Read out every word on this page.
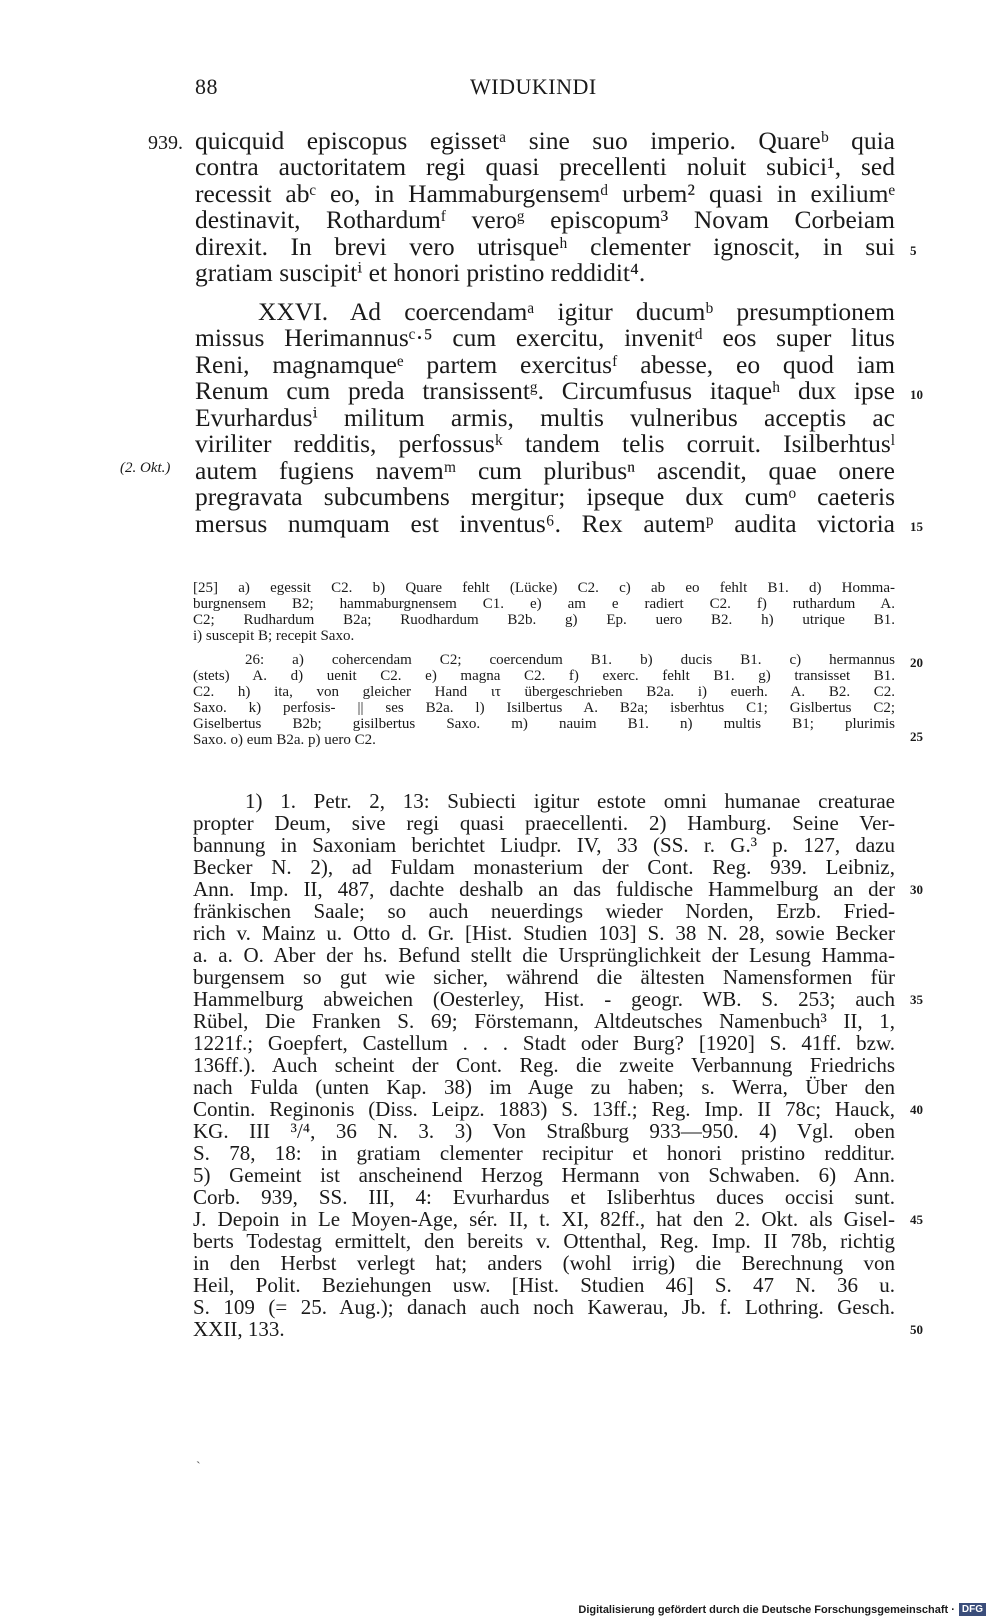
88	WIDUKINDI
939. quicquid episcopus egissetᵃ sine suo imperio. Quareᵇ quia
contra auctoritatem regi quasi precellenti noluit subici¹, sed
recessit abᶜ eo, in Hammaburgensemᵈ urbem² quasi in exiliumᵉ
destinavit, Rothardumᶠ veroᵍ episcopum³ Novam Corbeiam
direxit. In brevi vero utrisqueʰ clementer ignoscit, in sui
gratiam suscipitⁱ et honori pristino reddidit⁴.
XXVI. Ad coercendamᵃ igitur ducumᵇ presumptionem
missus Herimannusᶜ·⁵ cum exercitu, invenitᵈ eos super litus
Reni, magnamqueᵉ partem exercitusᶠ abesse, eo quod iam
Renum cum preda transissentᵍ. Circumfusus itaqueʰ dux ipse
Evurhardusⁱ militum armis, multis vulneribus acceptis ac
viriliter redditis, perfossusᵏ tandem telis corruit. Isilberhtusˡ
autem fugiens navemᵐ cum pluribusⁿ ascendit, quae onere
pregravata subcumbens mergitur; ipseque dux cumᵒ caeteris
mersus numquam est inventus⁶. Rex autemᵖ audita victoria
(2. Okt.)
[25] a) egessit C2. b) Quare fehlt (Lücke) C2. c) ab eo fehlt B1. d) Homma-
burgnensem B2; hammaburgnensem C1. e) am e radiert C2. f) ruthardum A.
C2; Rudhardum B2a; Ruodhardum B2b. g) Ep. uero B2. h) utrique B1.
i) suscepit B; recepit Saxo.
26: a) cohercendam C2; coercendum B1. b) ducis B1. c) hermannus
(stets) A. d) uenit C2. e) magna C2. f) exerc. fehlt B1. g) transisset B1.
C2. h) ita, von gleicher Hand ιτ übergeschrieben B2a. i) euerh. A. B2. C2.
Saxo. k) perfosis- || ses B2a. l) Isilbertus A. B2a; isberhtus C1; Gislbertus C2;
Giselbertus B2b; gisilbertus Saxo. m) nauim B1. n) multis B1; plurimis
Saxo. o) eum B2a. p) uero C2.
1) 1. Petr. 2, 13: Subiecti igitur estote omni humanae creaturae
propter Deum, sive regi quasi praecellenti. 2) Hamburg. Seine Ver-
bannung in Saxoniam berichtet Liudpr. IV, 33 (SS. r. G.³ p. 127, dazu
Becker N. 2), ad Fuldam monasterium der Cont. Reg. 939. Leibniz,
Ann. Imp. II, 487, dachte deshalb an das fuldische Hammelburg an der
fränkischen Saale; so auch neuerdings wieder Norden, Erzb. Fried-
rich v. Mainz u. Otto d. Gr. [Hist. Studien 103] S. 38 N. 28, sowie Becker
a. a. O. Aber der hs. Befund stellt die Ursprünglichkeit der Lesung Hamma-
burgensem so gut wie sicher, während die ältesten Namensformen für
Hammelburg abweichen (Oesterley, Hist. - geogr. WB. S. 253; auch
Rübel, Die Franken S. 69; Förstemann, Altdeutsches Namenbuch³ II, 1,
1221f.; Goepfert, Castellum . . . Stadt oder Burg? [1920] S. 41ff. bzw.
136ff.). Auch scheint der Cont. Reg. die zweite Verbannung Friedrichs
nach Fulda (unten Kap. 38) im Auge zu haben; s. Werra, Über den
Contin. Reginonis (Diss. Leipz. 1883) S. 13ff.; Reg. Imp. II 78c; Hauck,
KG. III ³/⁴, 36 N. 3. 3) Von Straßburg 933—950. 4) Vgl. oben
S. 78, 18: in gratiam clementer recipitur et honori pristino redditur.
5) Gemeint ist anscheinend Herzog Hermann von Schwaben. 6) Ann.
Corb. 939, SS. III, 4: Evurhardus et Isliberhtus duces occisi sunt.
J. Depoin in Le Moyen-Age, sér. II, t. XI, 82ff., hat den 2. Okt. als Gisel-
berts Todestag ermittelt, den bereits v. Ottenthal, Reg. Imp. II 78b, richtig
in den Herbst verlegt hat; anders (wohl irrig) die Berechnung von
Heil, Polit. Beziehungen usw. [Hist. Studien 46] S. 47 N. 36 u.
S. 109 (= 25. Aug.); danach auch noch Kawerau, Jb. f. Lothring. Gesch.
XXII, 133.
5
10
15
20
25
30
35
40
45
50
`
Digitalisierung gefördert durch die Deutsche Forschungsgemeinschaft · DFG
